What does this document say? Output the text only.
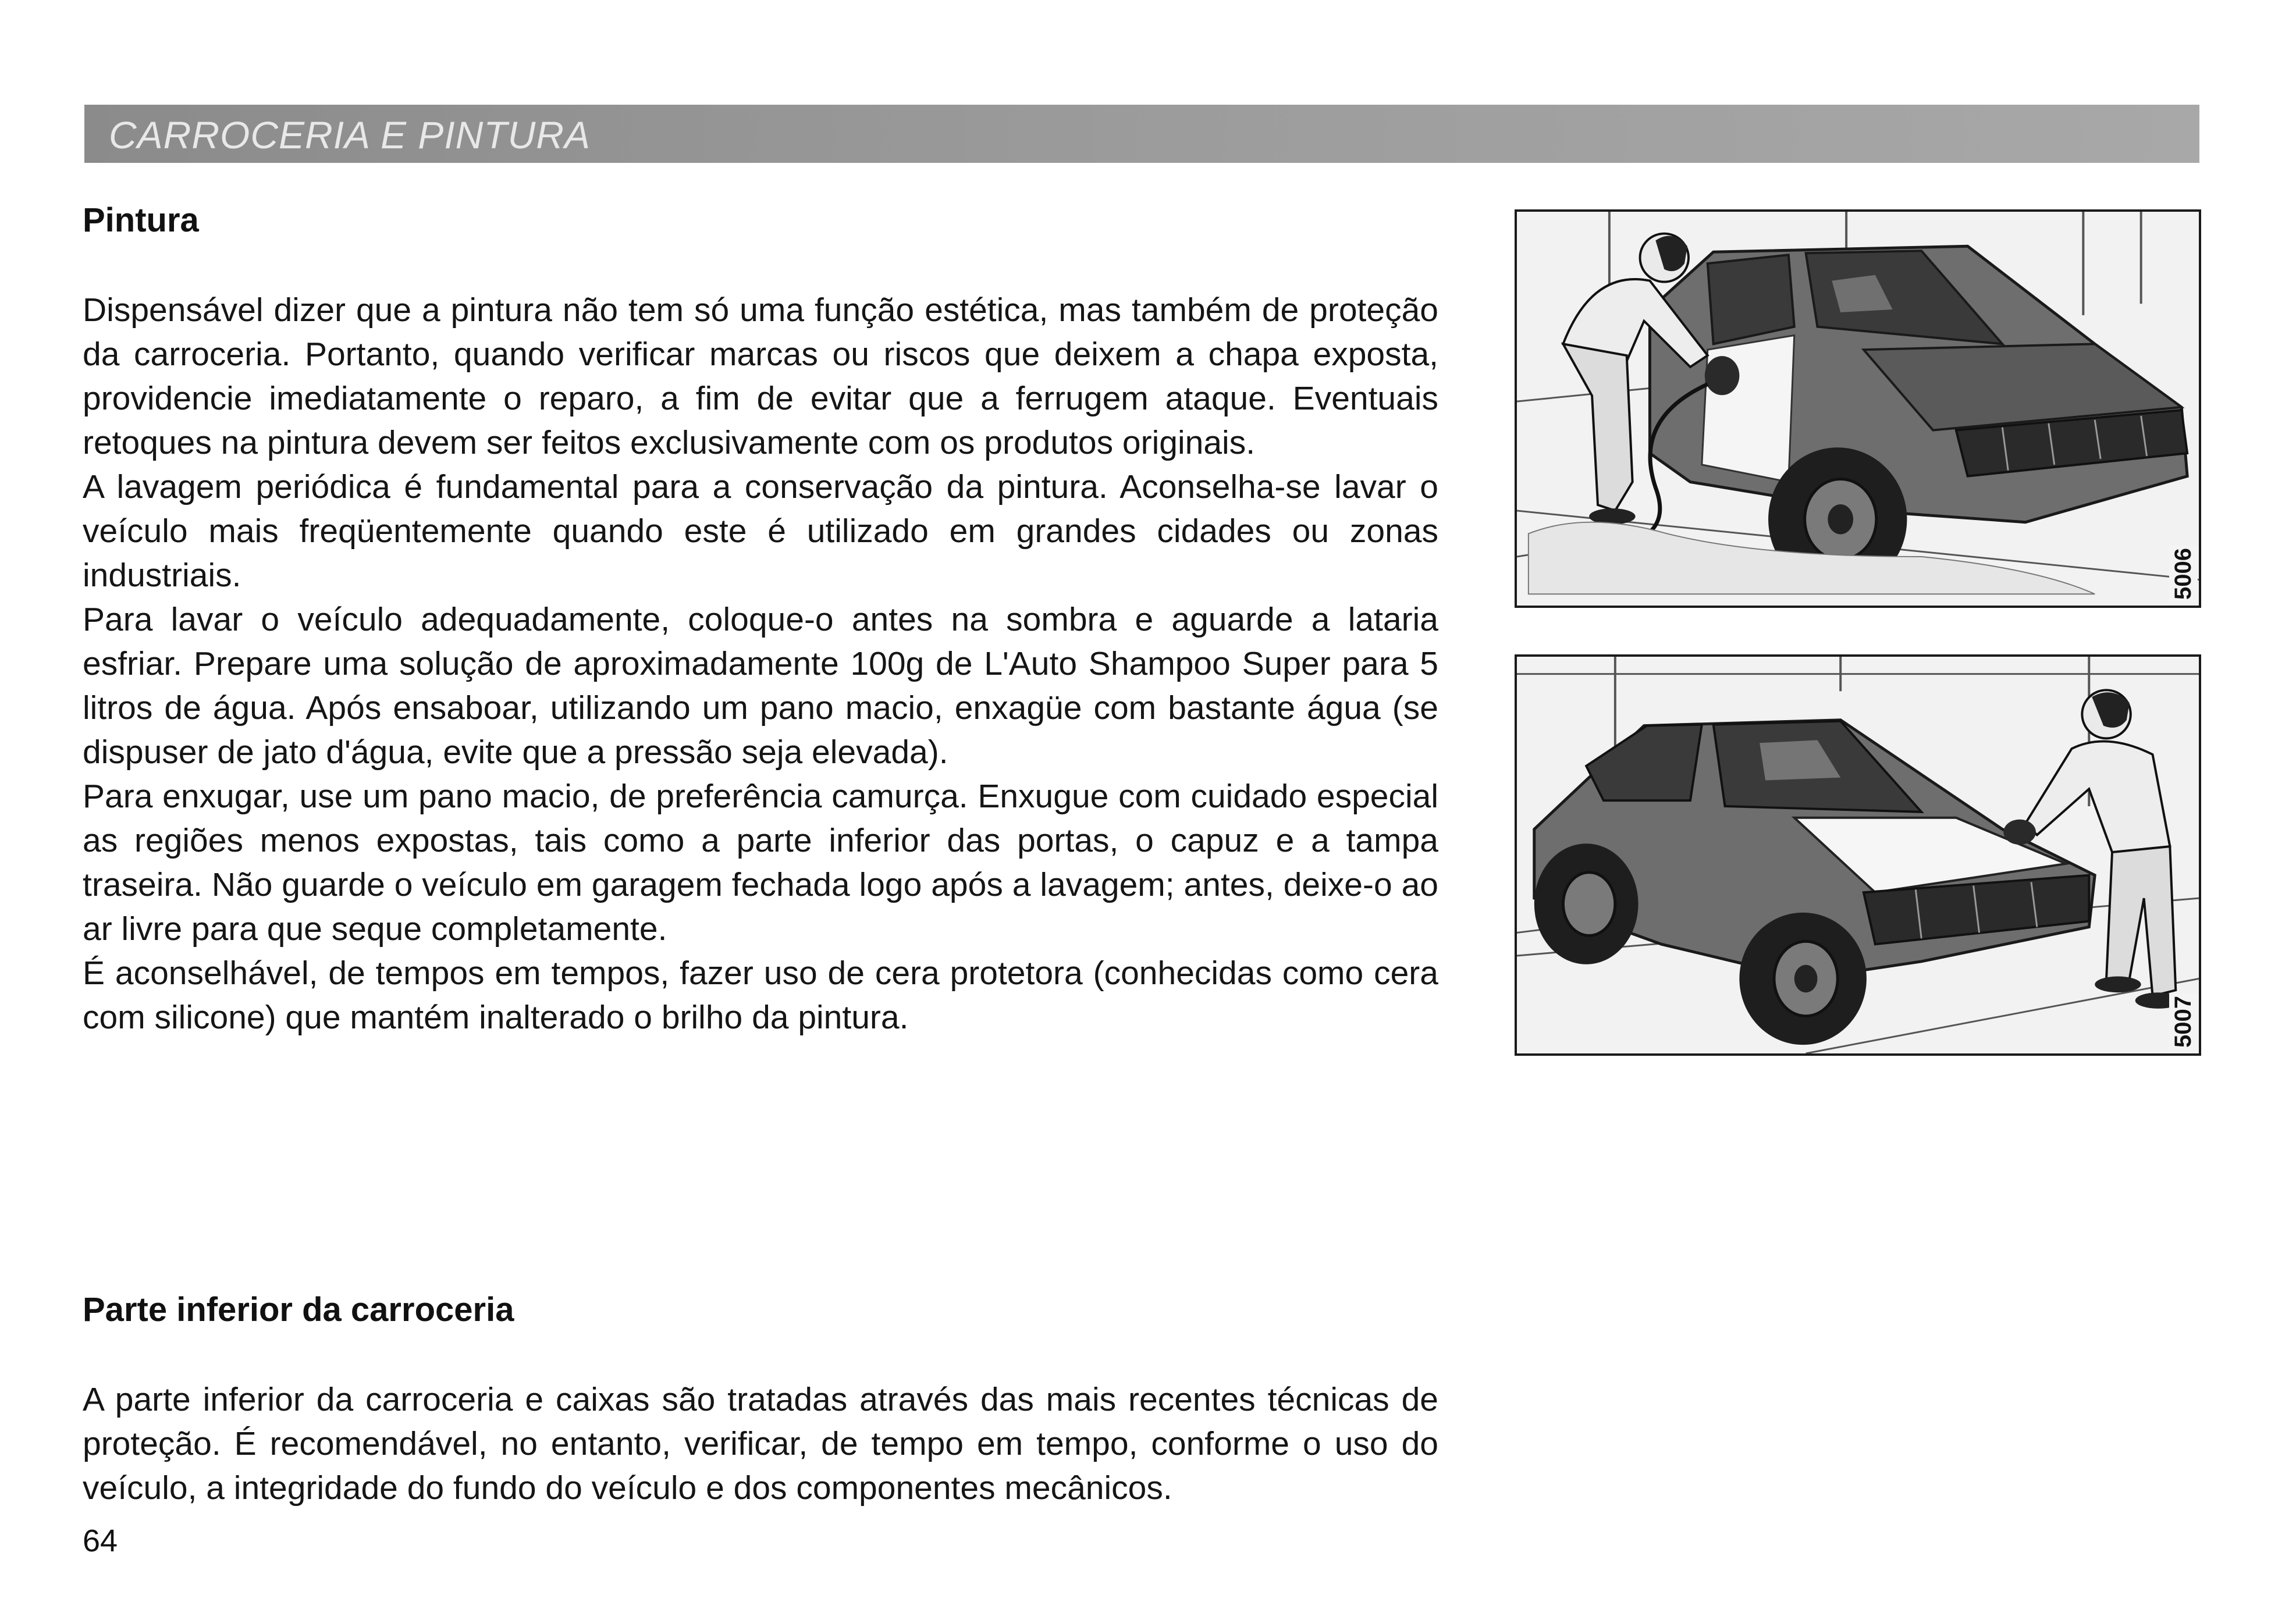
CARROCERIA E PINTURA
Pintura

Dispensável dizer que a pintura não tem só uma função estética, mas também de proteção da carroceria. Portanto, quando verificar marcas ou riscos que deixem a chapa exposta, providencie imediatamente o reparo, a fim de evitar que a ferrugem ataque. Eventuais retoques na pintura devem ser feitos exclusivamente com os produtos originais.

A lavagem periódica é fundamental para a conservação da pintura. Aconselha-se lavar o veículo mais freqüentemente quando este é utilizado em grandes cidades ou zonas industriais.

Para lavar o veículo adequadamente, coloque-o antes na sombra e aguarde a lataria esfriar. Prepare uma solução de aproximadamente 100g de L'Auto Shampoo Super para 5 litros de água. Após ensaboar, utilizando um pano macio, enxagüe com bastante água (se dispuser de jato d'água, evite que a pressão seja elevada).

Para enxugar, use um pano macio, de preferência camurça. Enxugue com cuidado especial as regiões menos expostas, tais como a parte inferior das portas, o capuz e a tampa traseira. Não guarde o veículo em garagem fechada logo após a lavagem; antes, deixe-o ao ar livre para que seque completamente.

É aconselhável, de tempos em tempos, fazer uso de cera protetora (conhecidas como cera com silicone) que mantém inalterado o brilho da pintura.

Parte inferior da carroceria

A parte inferior da carroceria e caixas são tratadas através das mais recentes técnicas de proteção. É recomendável, no entanto, verificar, de tempo em tempo, conforme o uso do veículo, a integridade do fundo do veículo e dos componentes mecânicos.

64
5006
5007
